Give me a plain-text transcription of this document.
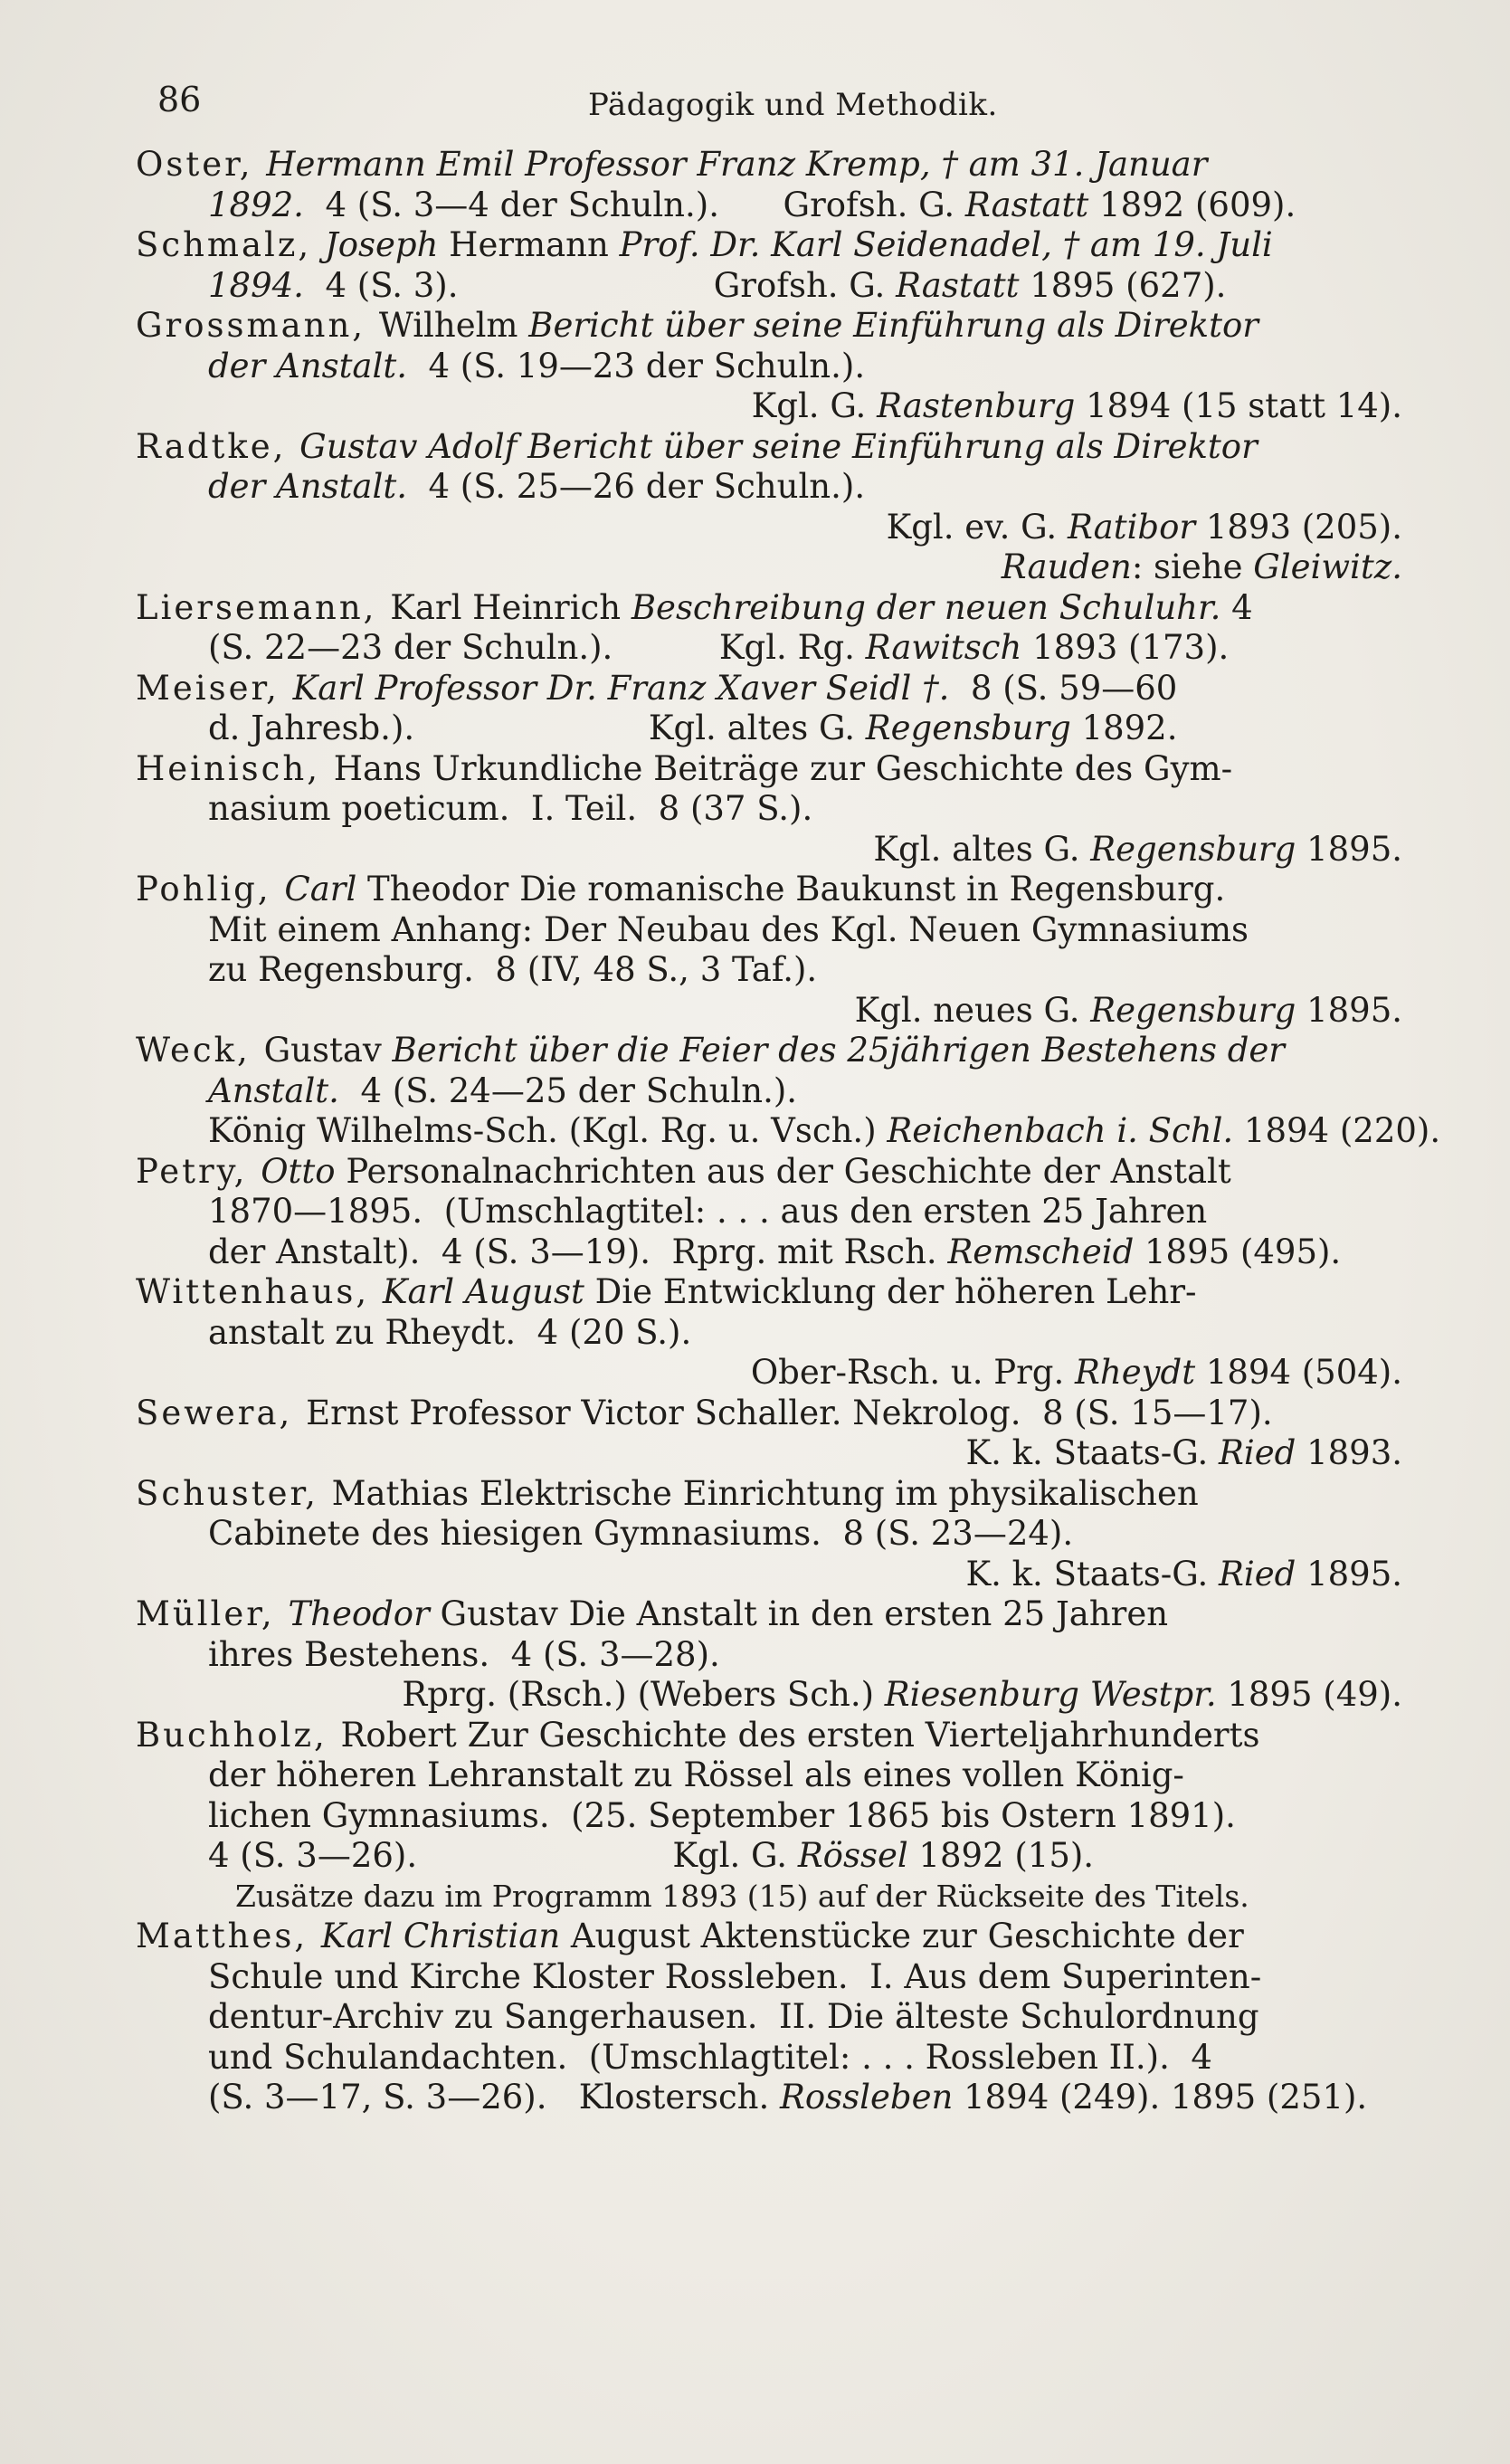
86	Pädagogik und Methodik.
Oster, Hermann Emil Professor Franz Kremp, † am 31. Januar
1892.  4 (S. 3—4 der Schuln.).      Grofsh. G. Rastatt 1892 (609).
Schmalz, Joseph Hermann Prof. Dr. Karl Seidenadel, † am 19. Juli
1894.  4 (S. 3).                        Grofsh. G. Rastatt 1895 (627).
Grossmann, Wilhelm Bericht über seine Einführung als Direktor
der Anstalt.  4 (S. 19—23 der Schuln.).
Kgl. G. Rastenburg 1894 (15 statt 14).
Radtke, Gustav Adolf Bericht über seine Einführung als Direktor
der Anstalt.  4 (S. 25—26 der Schuln.).
Kgl. ev. G. Ratibor 1893 (205).
Rauden: siehe Gleiwitz.
Liersemann, Karl Heinrich Beschreibung der neuen Schuluhr. 4
(S. 22—23 der Schuln.).          Kgl. Rg. Rawitsch 1893 (173).
Meiser, Karl Professor Dr. Franz Xaver Seidl †.  8 (S. 59—60
d. Jahresb.).                      Kgl. altes G. Regensburg 1892.
Heinisch, Hans Urkundliche Beiträge zur Geschichte des Gym-
nasium poeticum.  I. Teil.  8 (37 S.).
Kgl. altes G. Regensburg 1895.
Pohlig, Carl Theodor Die romanische Baukunst in Regensburg.
Mit einem Anhang: Der Neubau des Kgl. Neuen Gymnasiums
zu Regensburg.  8 (IV, 48 S., 3 Taf.).
Kgl. neues G. Regensburg 1895.
Weck, Gustav Bericht über die Feier des 25jährigen Bestehens der
Anstalt.  4 (S. 24—25 der Schuln.).
König Wilhelms-Sch. (Kgl. Rg. u. Vsch.) Reichenbach i. Schl. 1894 (220).
Petry, Otto Personalnachrichten aus der Geschichte der Anstalt
1870—1895.  (Umschlagtitel: . . . aus den ersten 25 Jahren
der Anstalt).  4 (S. 3—19).  Rprg. mit Rsch. Remscheid 1895 (495).
Wittenhaus, Karl August Die Entwicklung der höheren Lehr-
anstalt zu Rheydt.  4 (20 S.).
Ober-Rsch. u. Prg. Rheydt 1894 (504).
Sewera, Ernst Professor Victor Schaller. Nekrolog.  8 (S. 15—17).
K. k. Staats-G. Ried 1893.
Schuster, Mathias Elektrische Einrichtung im physikalischen
Cabinete des hiesigen Gymnasiums.  8 (S. 23—24).
K. k. Staats-G. Ried 1895.
Müller, Theodor Gustav Die Anstalt in den ersten 25 Jahren
ihres Bestehens.  4 (S. 3—28).
Rprg. (Rsch.) (Webers Sch.) Riesenburg Westpr. 1895 (49).
Buchholz, Robert Zur Geschichte des ersten Vierteljahrhunderts
der höheren Lehranstalt zu Rössel als eines vollen König-
lichen Gymnasiums.  (25. September 1865 bis Ostern 1891).
4 (S. 3—26).                        Kgl. G. Rössel 1892 (15).
Zusätze dazu im Programm 1893 (15) auf der Rückseite des Titels.
Matthes, Karl Christian August Aktenstücke zur Geschichte der
Schule und Kirche Kloster Rossleben.  I. Aus dem Superinten-
dentur-Archiv zu Sangerhausen.  II. Die älteste Schulordnung
und Schulandachten.  (Umschlagtitel: . . . Rossleben II.).  4
(S. 3—17, S. 3—26).   Klostersch. Rossleben 1894 (249). 1895 (251).
